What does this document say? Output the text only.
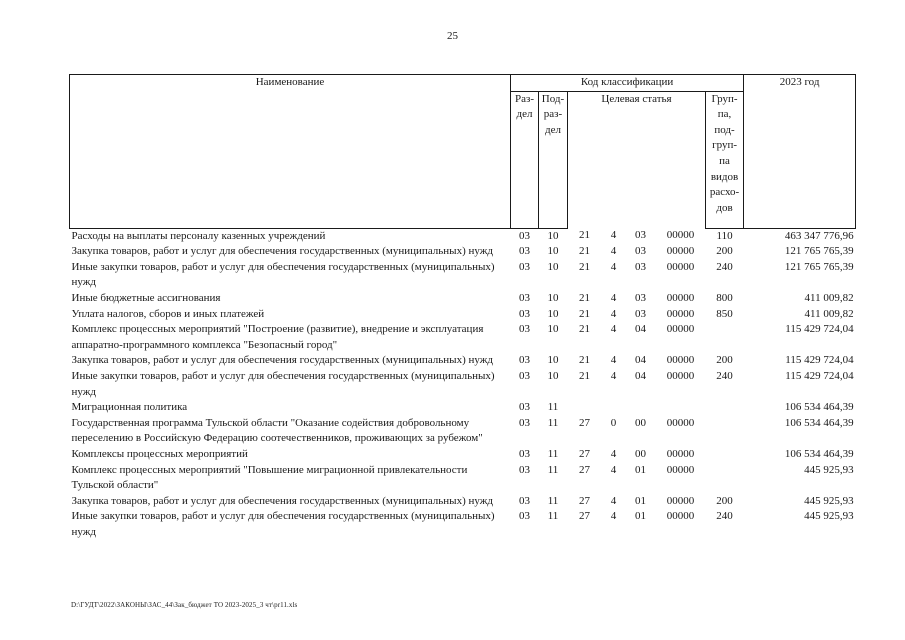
25
Наименование	Код классификации							2023 год
	Раз-дел	Под-раз-дел	Целевая статья				Груп-па, под-груп-па видов расхо-дов	
Расходы на выплаты персоналу казенных учреждений	03	10	21	4	03	00000	110	463 347 776,96
Закупка товаров, работ и услуг для обеспечения государственных (муниципальных) нужд	03	10	21	4	03	00000	200	121 765 765,39
Иные закупки товаров, работ и услуг для обеспечения государственных (муниципальных) нужд	03	10	21	4	03	00000	240	121 765 765,39
Иные бюджетные ассигнования	03	10	21	4	03	00000	800	411 009,82
Уплата налогов, сборов и иных платежей	03	10	21	4	03	00000	850	411 009,82
Комплекс процессных мероприятий "Построение (развитие), внедрение и эксплуатация аппаратно-программного комплекса "Безопасный город"	03	10	21	4	04	00000		115 429 724,04
Закупка товаров, работ и услуг для обеспечения государственных (муниципальных) нужд	03	10	21	4	04	00000	200	115 429 724,04
Иные закупки товаров, работ и услуг для обеспечения государственных (муниципальных) нужд	03	10	21	4	04	00000	240	115 429 724,04
Миграционная политика	03	11						106 534 464,39
Государственная программа Тульской области "Оказание содействия добровольному переселению в Российскую Федерацию соотечественников, проживающих за рубежом"	03	11	27	0	00	00000		106 534 464,39
Комплексы процессных мероприятий	03	11	27	4	00	00000		106 534 464,39
Комплекс процессных мероприятий "Повышение миграционной привлекательности Тульской области"	03	11	27	4	01	00000		445 925,93
Закупка товаров, работ и услуг для обеспечения государственных (муниципальных) нужд	03	11	27	4	01	00000	200	445 925,93
Иные закупки товаров, работ и услуг для обеспечения государственных (муниципальных) нужд	03	11	27	4	01	00000	240	445 925,93
D:\ГУДТ\2022\ЗАКОНЫ\ЗАС_44\Зак_бюджет ТО 2023-2025_3 чт\pr11.xls
